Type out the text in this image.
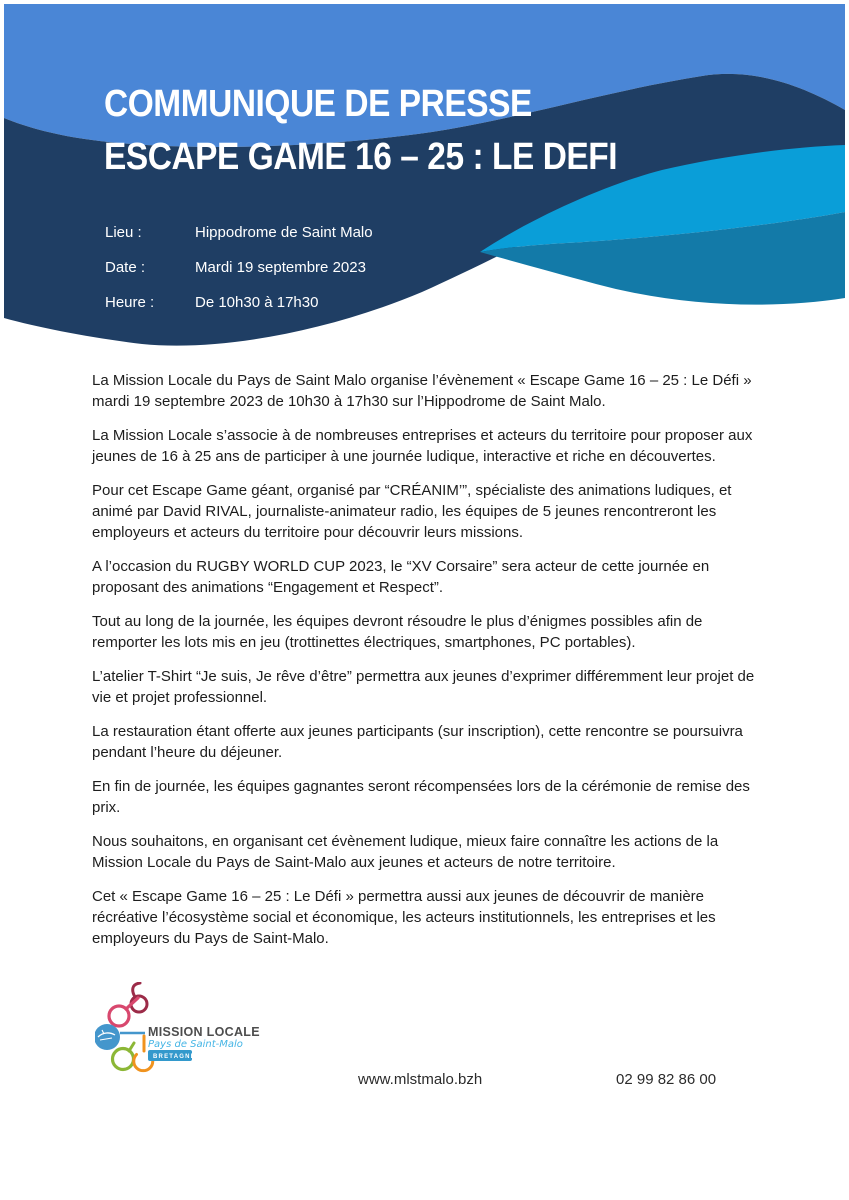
COMMUNIQUE DE PRESSE
ESCAPE GAME 16 – 25 : LE DEFI
Lieu :	Hippodrome de Saint Malo
Date :	Mardi 19 septembre 2023
Heure :	De 10h30 à 17h30

La Mission Locale du Pays de Saint Malo organise l’évènement « Escape Game 16 – 25 : Le Défi » mardi 19 septembre 2023 de 10h30 à 17h30 sur l’Hippodrome de Saint Malo.

La Mission Locale s’associe à de nombreuses entreprises et acteurs du territoire pour proposer aux jeunes de 16 à 25 ans de participer à une journée ludique, interactive et riche en découvertes.

Pour cet Escape Game géant, organisé par “CRÉANIM’”, spécialiste des animations ludiques, et animé par David RIVAL, journaliste-animateur radio, les équipes de 5 jeunes rencontreront les employeurs et acteurs du territoire pour découvrir leurs missions.

A l’occasion du RUGBY WORLD CUP 2023, le “XV Corsaire” sera acteur de cette journée en proposant des animations “Engagement et Respect”.

Tout au long de la journée, les équipes devront résoudre le plus d’énigmes possibles afin de remporter les lots mis en jeu (trottinettes électriques, smartphones, PC portables).

L’atelier T-Shirt “Je suis, Je rêve d’être” permettra aux jeunes d’exprimer différemment leur projet de vie et projet professionnel.

La restauration étant offerte aux jeunes participants (sur inscription), cette rencontre se poursuivra pendant l’heure du déjeuner.

En fin de journée, les équipes gagnantes seront récompensées lors de la cérémonie de remise des prix.

Nous souhaitons, en organisant cet évènement ludique, mieux faire connaître les actions de la Mission Locale du Pays de Saint-Malo aux jeunes et acteurs de notre territoire.

Cet « Escape Game 16 – 25 : Le Défi » permettra aussi aux jeunes de découvrir de manière récréative l’écosystème social et économique, les acteurs institutionnels, les entreprises et les employeurs du Pays de Saint-Malo.

MISSION LOCALE
Pays de Saint-Malo
BRETAGNE
www.mlstmalo.bzh	02 99 82 86 00
